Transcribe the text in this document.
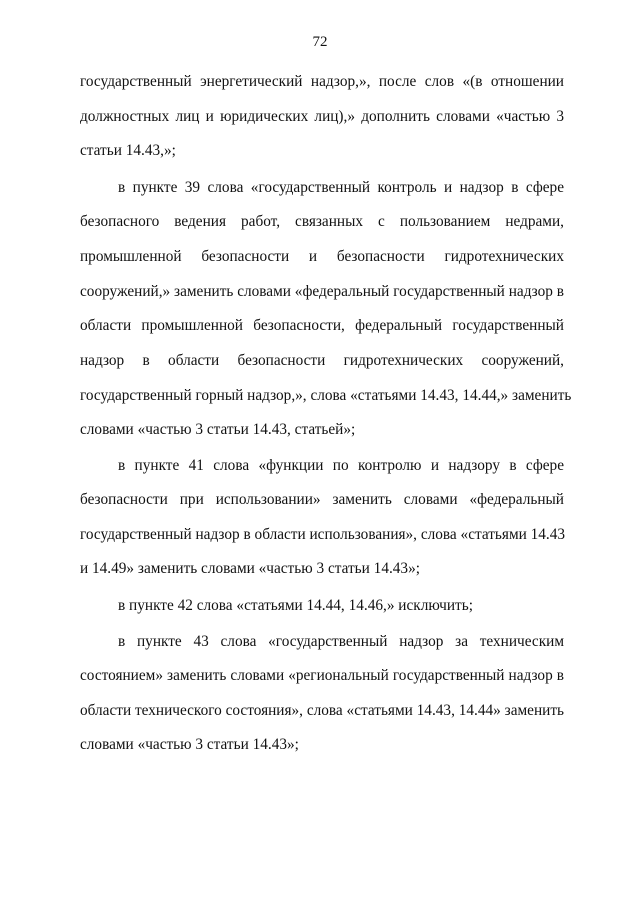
72
государственный энергетический надзор,», после слов «(в отношении
должностных лиц и юридических лиц),» дополнить словами «частью 3
статьи 14.43,»;
в пункте 39 слова «государственный контроль и надзор в сфере
безопасного ведения работ, связанных с пользованием недрами,
промышленной безопасности и безопасности гидротехнических
сооружений,» заменить словами «федеральный государственный надзор в
области промышленной безопасности, федеральный государственный
надзор в области безопасности гидротехнических сооружений,
государственный горный надзор,», слова «статьями 14.43, 14.44,» заменить
словами «частью 3 статьи 14.43, статьей»;
в пункте 41 слова «функции по контролю и надзору в сфере
безопасности при использовании» заменить словами «федеральный
государственный надзор в области использования», слова «статьями 14.43
и 14.49» заменить словами «частью 3 статьи 14.43»;
в пункте 42 слова «статьями 14.44, 14.46,» исключить;
в пункте 43 слова «государственный надзор за техническим
состоянием» заменить словами «региональный государственный надзор в
области технического состояния», слова «статьями 14.43, 14.44» заменить
словами «частью 3 статьи 14.43»;
